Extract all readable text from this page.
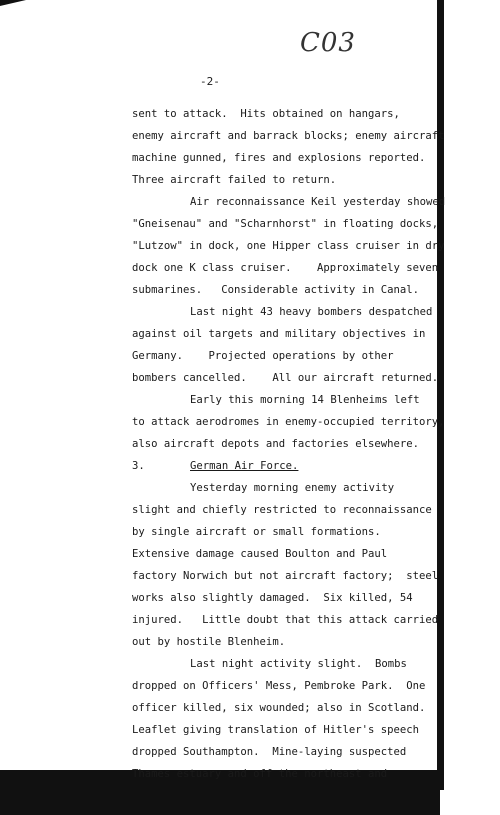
C03
-2-
sent to attack.  Hits obtained on hangars,
enemy aircraft and barrack blocks; enemy aircraft
machine gunned, fires and explosions reported.
Three aircraft failed to return.
Air reconnaissance Keil yesterday showed
"Gneisenau" and "Scharnhorst" in floating docks,
"Lutzow" in dock, one Hipper class cruiser in dry
dock one K class cruiser.    Approximately seven
submarines.   Considerable activity in Canal.
Last night 43 heavy bombers despatched
against oil targets and military objectives in
Germany.    Projected operations by other
bombers cancelled.    All our aircraft returned.
Early this morning 14 Blenheims left
to attack aerodromes in enemy-occupied territory,
also aircraft depots and factories elsewhere.
3.	German Air Force.
Yesterday morning enemy activity
slight and chiefly restricted to reconnaissance
by single aircraft or small formations.
Extensive damage caused Boulton and Paul
factory Norwich but not aircraft factory;  steel
works also slightly damaged.  Six killed, 54
injured.   Little doubt that this attack carried
out by hostile Blenheim.
Last night activity slight.  Bombs
dropped on Officers' Mess, Pembroke Park.  One
officer killed, six wounded; also in Scotland.
Leaflet giving translation of Hitler's speech
dropped Southampton.  Mine-laying suspected
Thames estuary and off the northeast and
